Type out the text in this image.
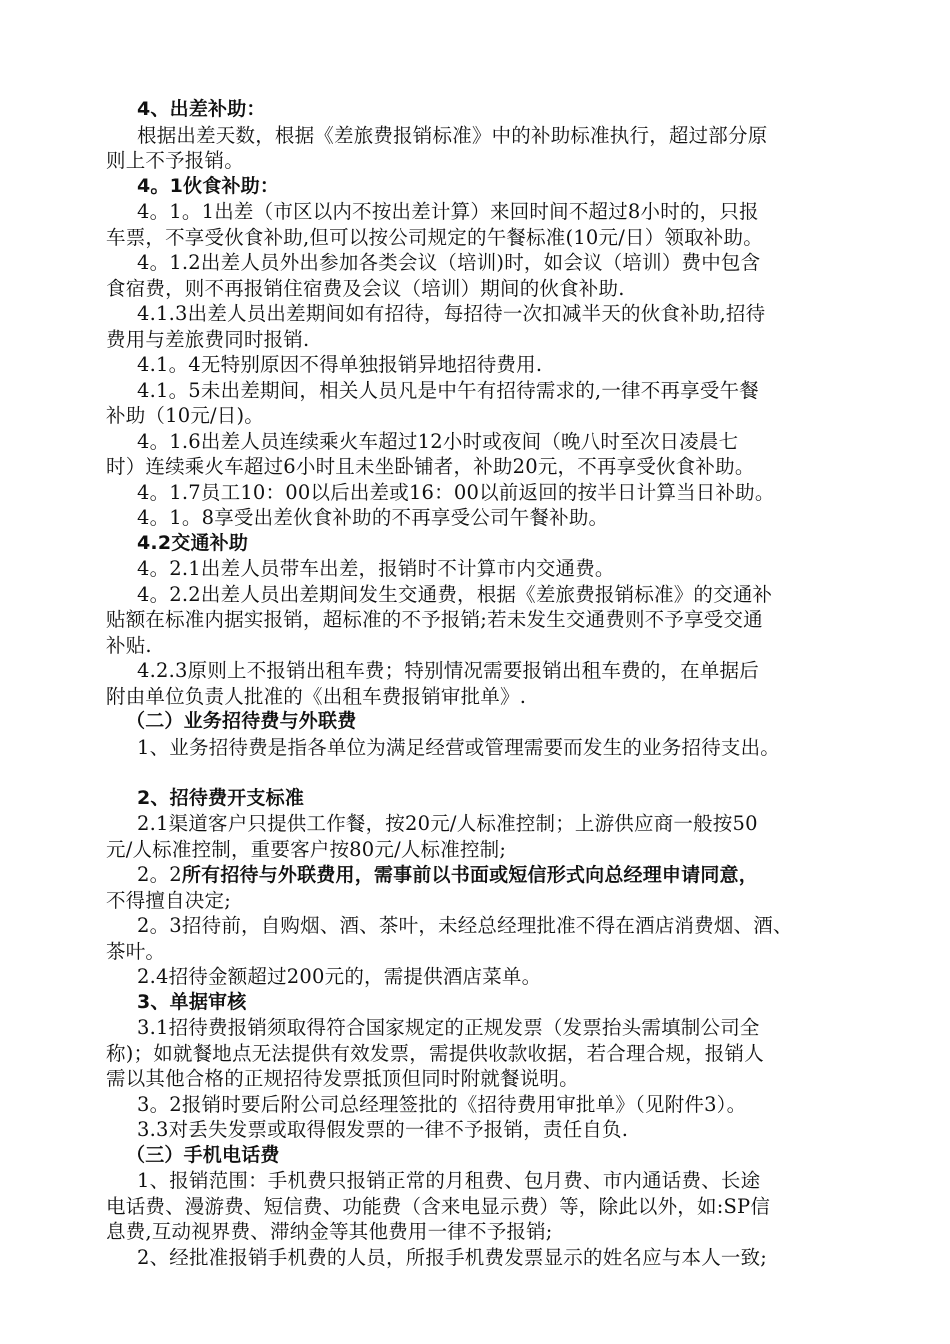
4、出差补助：
根据出差天数，根据《差旅费报销标准》中的补助标准执行，超过部分原
则上不予报销。
4。1伙食补助：
4。1。1出差（市区以内不按出差计算）来回时间不超过8小时的，只报
车票，不享受伙食补助,但可以按公司规定的午餐标准(10元/日）领取补助。
4。1.2出差人员外出参加各类会议（培训)时，如会议（培训）费中包含
食宿费，则不再报销住宿费及会议（培训）期间的伙食补助.
4.1.3出差人员出差期间如有招待，每招待一次扣减半天的伙食补助,招待
费用与差旅费同时报销.
4.1。4无特别原因不得单独报销异地招待费用.
4.1。5未出差期间，相关人员凡是中午有招待需求的,一律不再享受午餐
补助（10元/日)。
4。1.6出差人员连续乘火车超过12小时或夜间（晚八时至次日凌晨七
时）连续乘火车超过6小时且未坐卧铺者，补助20元，不再享受伙食补助。
4。1.7员工10：00以后出差或16：00以前返回的按半日计算当日补助。
4。1。8享受出差伙食补助的不再享受公司午餐补助。
4.2交通补助
4。2.1出差人员带车出差，报销时不计算市内交通费。
4。2.2出差人员出差期间发生交通费，根据《差旅费报销标准》的交通补
贴额在标准内据实报销，超标准的不予报销;若未发生交通费则不予享受交通
补贴.
4.2.3原则上不报销出租车费；特别情况需要报销出租车费的，在单据后
附由单位负责人批准的《出租车费报销审批单》.
（二）业务招待费与外联费
1、业务招待费是指各单位为满足经营或管理需要而发生的业务招待支出。
2、招待费开支标准
2.1渠道客户只提供工作餐，按20元/人标准控制；上游供应商一般按50
元/人标准控制，重要客户按80元/人标准控制;
2。2所有招待与外联费用，需事前以书面或短信形式向总经理申请同意，
不得擅自决定;
2。3招待前，自购烟、酒、茶叶，未经总经理批准不得在酒店消费烟、酒、
茶叶。
2.4招待金额超过200元的，需提供酒店菜单。
3、单据审核
3.1招待费报销须取得符合国家规定的正规发票（发票抬头需填制公司全
称)；如就餐地点无法提供有效发票，需提供收款收据，若合理合规，报销人
需以其他合格的正规招待发票抵顶但同时附就餐说明。
3。2报销时要后附公司总经理签批的《招待费用审批单》（见附件3）。
3.3对丢失发票或取得假发票的一律不予报销，责任自负.
（三）手机电话费
1、报销范围：手机费只报销正常的月租费、包月费、市内通话费、长途
电话费、漫游费、短信费、功能费（含来电显示费）等，除此以外，如:SP信
息费,互动视界费、滞纳金等其他费用一律不予报销;
2、经批准报销手机费的人员，所报手机费发票显示的姓名应与本人一致;
